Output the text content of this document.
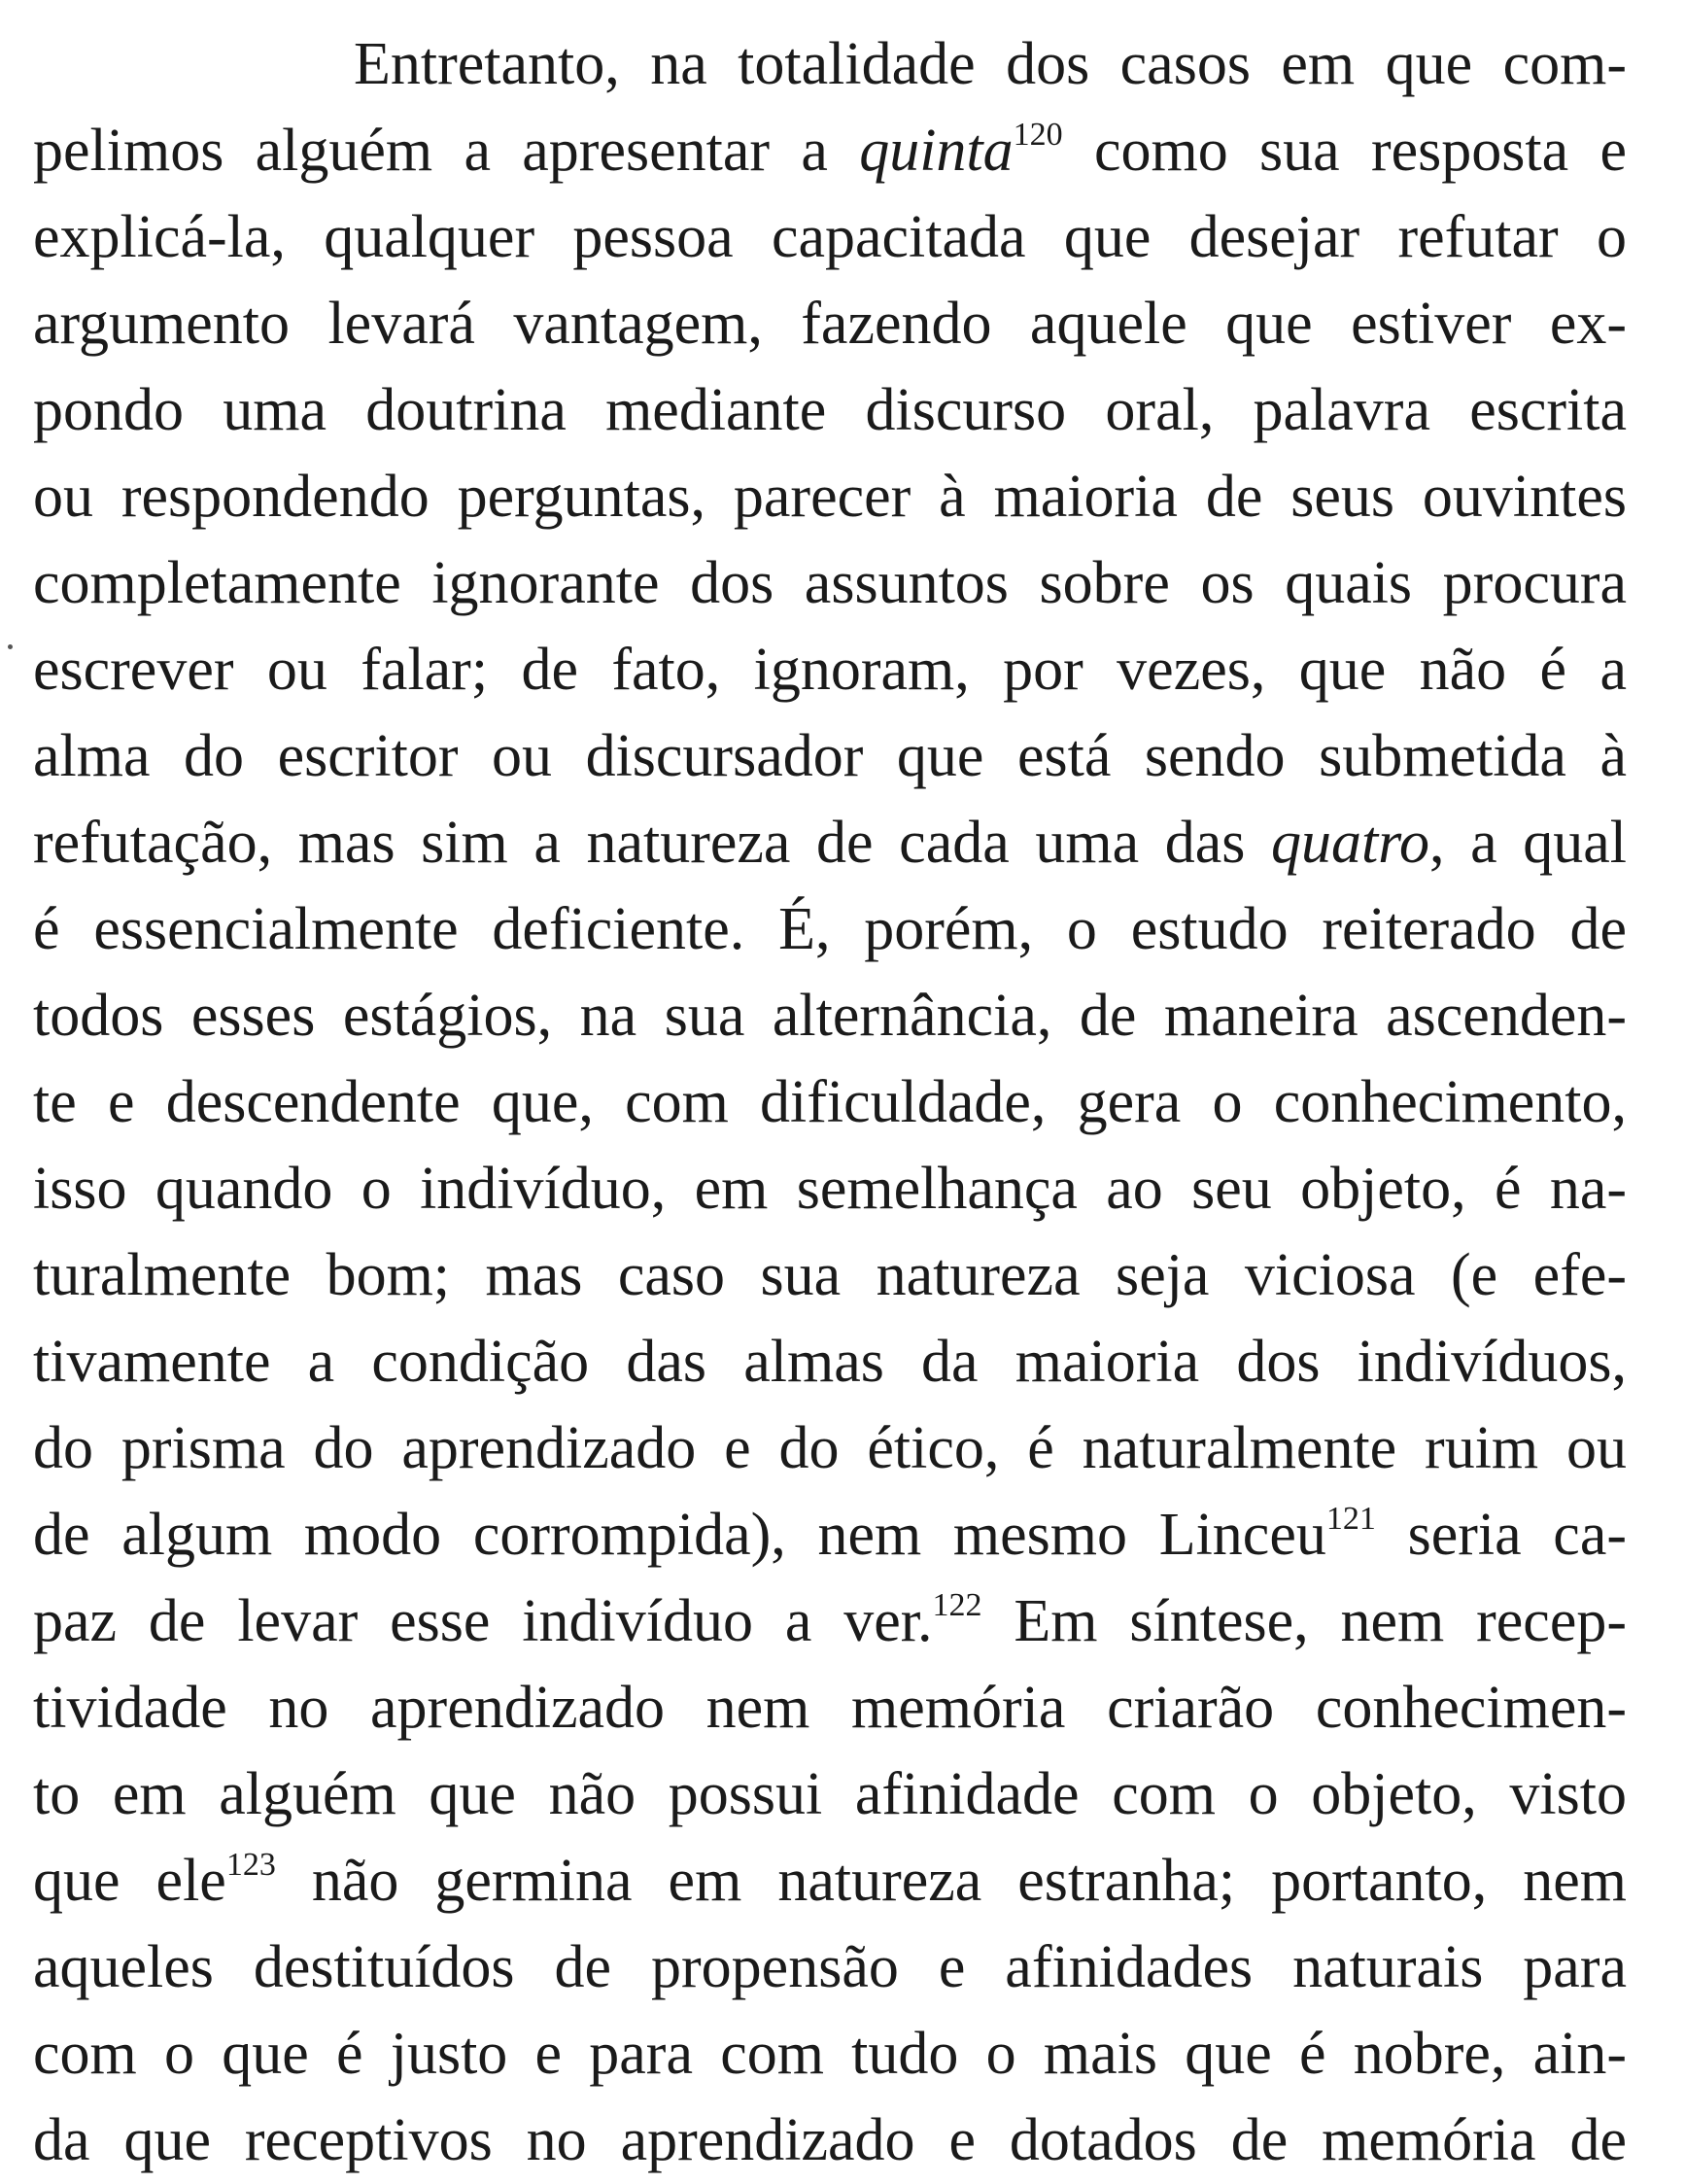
Entretanto, na totalidade dos casos em que com-
pelimos alguém a apresentar a quinta$^{120}$ como sua resposta e
explicá-la, qualquer pessoa capacitada que desejar refutar o
argumento levará vantagem, fazendo aquele que estiver ex-
pondo uma doutrina mediante discurso oral, palavra escrita
ou respondendo perguntas, parecer à maioria de seus ouvintes
completamente ignorante dos assuntos sobre os quais procura
escrever ou falar; de fato, ignoram, por vezes, que não é a
alma do escritor ou discursador que está sendo submetida à
refutação, mas sim a natureza de cada uma das quatro, a qual
é essencialmente deficiente. É, porém, o estudo reiterado de
todos esses estágios, na sua alternância, de maneira ascenden-
te e descendente que, com dificuldade, gera o conhecimento,
isso quando o indivíduo, em semelhança ao seu objeto, é na-
turalmente bom; mas caso sua natureza seja viciosa (e efe-
tivamente a condição das almas da maioria dos indivíduos,
do prisma do aprendizado e do ético, é naturalmente ruim ou
de algum modo corrompida), nem mesmo Linceu$^{121}$ seria ca-
paz de levar esse indivíduo a ver.$^{122}$ Em síntese, nem recep-
tividade no aprendizado nem memória criarão conhecimen-
to em alguém que não possui afinidade com o objeto, visto
que ele$^{123}$ não germina em natureza estranha; portanto, nem
aqueles destituídos de propensão e afinidades naturais para
com o que é justo e para com tudo o mais que é nobre, ain-
da que receptivos no aprendizado e dotados de memória de
